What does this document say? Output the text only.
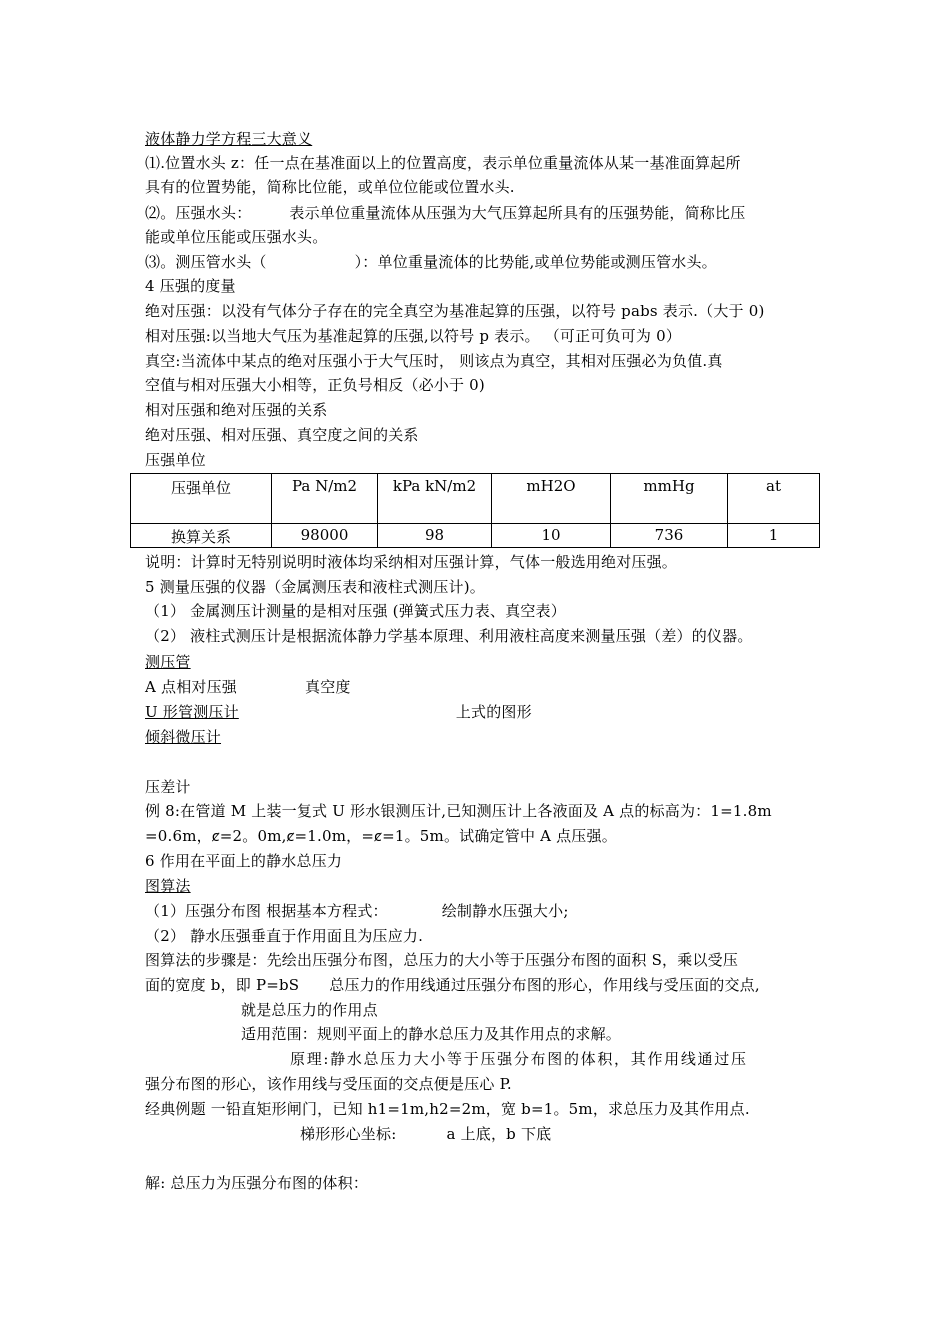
液体静力学方程三大意义
⑴.位置水头 z：任一点在基准面以上的位置高度，表示单位重量流体从某一基准面算起所
具有的位置势能，简称比位能，或单位位能或位置水头.
⑵。压强水头：	表示单位重量流体从压强为大气压算起所具有的压强势能，简称比压
能或单位压能或压强水头。
⑶。测压管水头（	）：单位重量流体的比势能,或单位势能或测压管水头。
4 压强的度量
绝对压强：以没有气体分子存在的完全真空为基准起算的压强，以符号 pabs 表示.（大于 0)
相对压强:以当地大气压为基准起算的压强,以符号 p 表示。 （可正可负可为 0）
真空:当流体中某点的绝对压强小于大气压时， 则该点为真空，其相对压强必为负值.真
空值与相对压强大小相等，正负号相反（必小于 0)
相对压强和绝对压强的关系
绝对压强、相对压强、真空度之间的关系
压强单位
压强单位	Pa N/m2	kPa kN/m2	mH2O	mmHg	at
换算关系	98000	98	10	736	1
说明：计算时无特别说明时液体均采纳相对压强计算，气体一般选用绝对压强。
5 测量压强的仪器（金属测压表和液柱式测压计)。
（1） 金属测压计测量的是相对压强 (弹簧式压力表、真空表）
（2） 液柱式测压计是根据流体静力学基本原理、利用液柱高度来测量压强（差）的仪器。
测压管
A 点相对压强	真空度
U 形管测压计	上式的图形
倾斜微压计
压差计
例 8:在管道 M 上装一复式 U 形水银测压计,已知测压计上各液面及 A 点的标高为：1=1.8m
=0.6m，ȼ=2。0m,ȼ=1.0m，=ȼ=1。5m。试确定管中 A 点压强。
6 作用在平面上的静水总压力
图算法
（1）压强分布图 根据基本方程式：	绘制静水压强大小;
（2） 静水压强垂直于作用面且为压应力.
图算法的步骤是：先绘出压强分布图，总压力的大小等于压强分布图的面积 S，乘以受压
面的宽度 b，即 P=bS 总压力的作用线通过压强分布图的形心，作用线与受压面的交点,
就是总压力的作用点
适用范围：规则平面上的静水总压力及其作用点的求解。
原理:静水总压力大小等于压强分布图的体积，其作用线通过压
强分布图的形心，该作用线与受压面的交点便是压心 P.
经典例题 一铅直矩形闸门，已知 h1=1m,h2=2m，宽 b=1。5m，求总压力及其作用点.
梯形形心坐标:	a 上底，b 下底
解: 总压力为压强分布图的体积：
